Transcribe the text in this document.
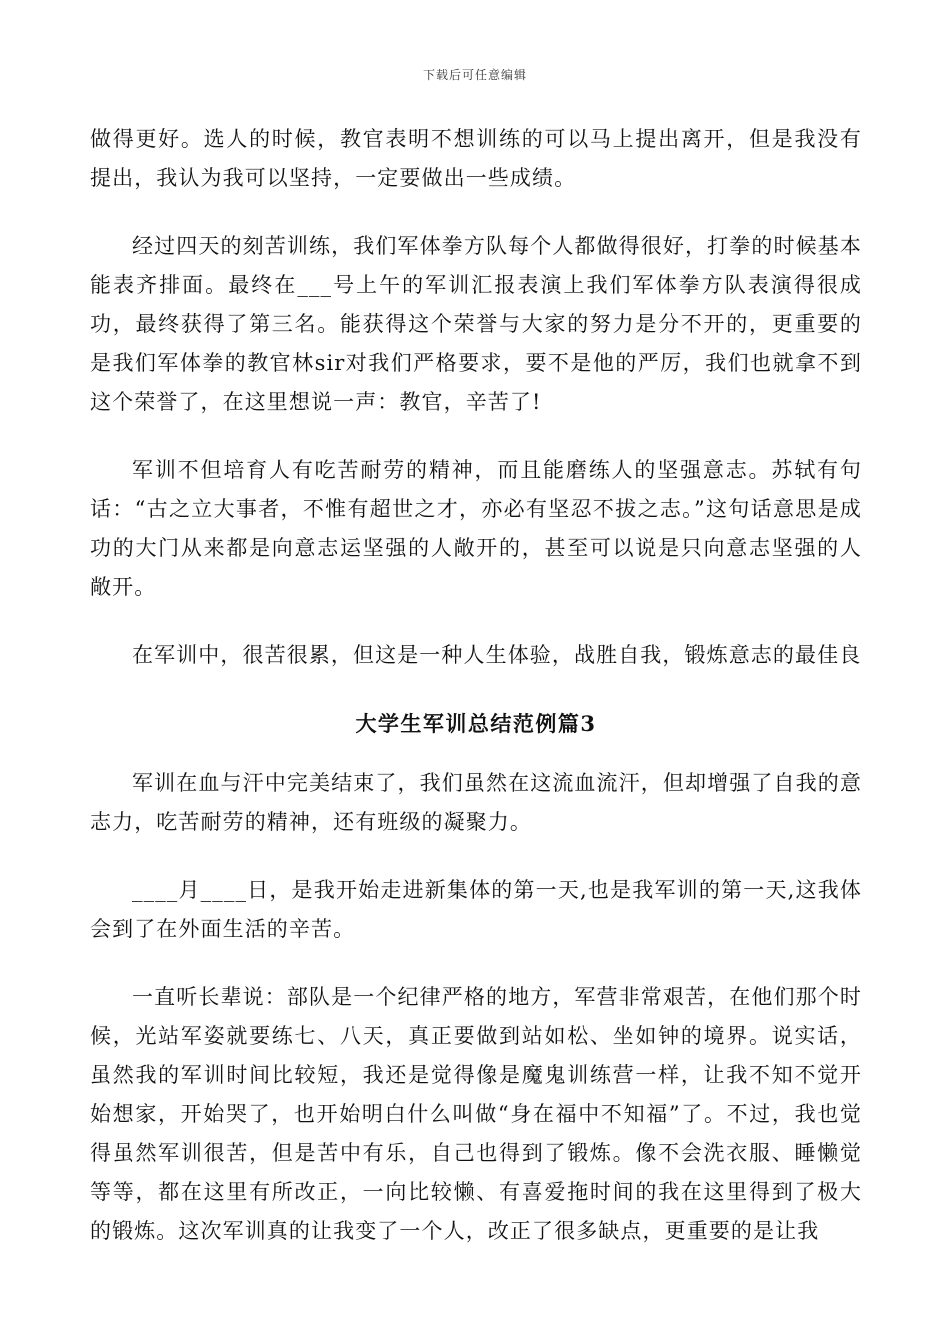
下载后可任意编辑

做得更好。选人的时候，教官表明不想训练的可以马上提出离开，但是我没有提出，我认为我可以坚持，一定要做出一些成绩。

经过四天的刻苦训练，我们军体拳方队每个人都做得很好，打拳的时候基本能表齐排面。最终在___号上午的军训汇报表演上我们军体拳方队表演得很成功，最终获得了第三名。能获得这个荣誉与大家的努力是分不开的，更重要的是我们军体拳的教官林sir对我们严格要求，要不是他的严厉，我们也就拿不到这个荣誉了，在这里想说一声：教官，辛苦了!

军训不但培育人有吃苦耐劳的精神，而且能磨练人的坚强意志。苏轼有句话：“古之立大事者，不惟有超世之才，亦必有坚忍不拔之志。”这句话意思是成功的大门从来都是向意志运坚强的人敞开的，甚至可以说是只向意志坚强的人敞开。

在军训中，很苦很累，但这是一种人生体验，战胜自我，锻炼意志的最佳良

大学生军训总结范例篇3

军训在血与汗中完美结束了，我们虽然在这流血流汗，但却增强了自我的意志力，吃苦耐劳的精神，还有班级的凝聚力。

____月____日，是我开始走进新集体的第一天,也是我军训的第一天,这我体会到了在外面生活的辛苦。

一直听长辈说：部队是一个纪律严格的地方，军营非常艰苦，在他们那个时候，光站军姿就要练七、八天，真正要做到站如松、坐如钟的境界。说实话，虽然我的军训时间比较短，我还是觉得像是魔鬼训练营一样，让我不知不觉开始想家，开始哭了，也开始明白什么叫做“身在福中不知福”了。不过，我也觉得虽然军训很苦，但是苦中有乐，自己也得到了锻炼。像不会洗衣服、睡懒觉等等，都在这里有所改正，一向比较懒、有喜爱拖时间的我在这里得到了极大的锻炼。这次军训真的让我变了一个人，改正了很多缺点，更重要的是让我
